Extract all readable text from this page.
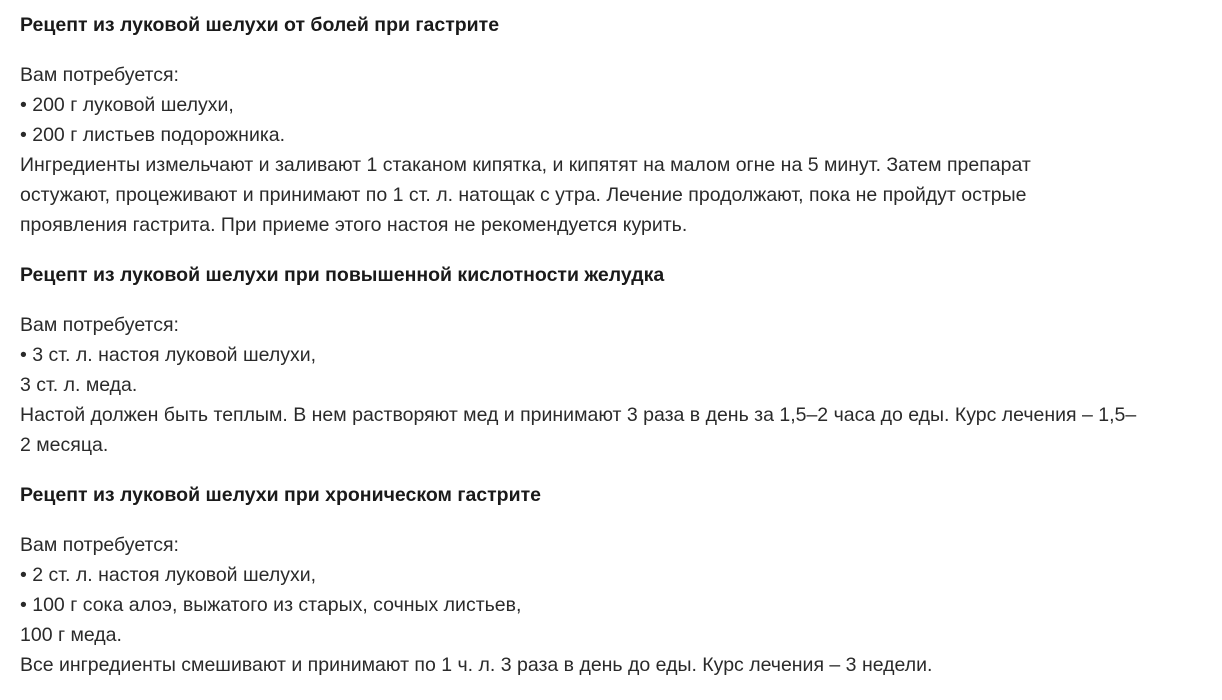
Рецепт из луковой шелухи от болей при гастрите
Вам потребуется:
• 200 г луковой шелухи,
• 200 г листьев подорожника.
Ингредиенты измельчают и заливают 1 стаканом кипятка, и кипятят на малом огне на 5 минут. Затем препарат
остужают, процеживают и принимают по 1 ст. л. натощак с утра. Лечение продолжают, пока не пройдут острые
проявления гастрита. При приеме этого настоя не рекомендуется курить.
Рецепт из луковой шелухи при повышенной кислотности желудка
Вам потребуется:
• 3 ст. л. настоя луковой шелухи,
3 ст. л. меда.
Настой должен быть теплым. В нем растворяют мед и принимают 3 раза в день за 1,5–2 часа до еды. Курс лечения – 1,5–
2 месяца.
Рецепт из луковой шелухи при хроническом гастрите
Вам потребуется:
• 2 ст. л. настоя луковой шелухи,
• 100 г сока алоэ, выжатого из старых, сочных листьев,
100 г меда.
Все ингредиенты смешивают и принимают по 1 ч. л. 3 раза в день до еды. Курс лечения – 3 недели.
